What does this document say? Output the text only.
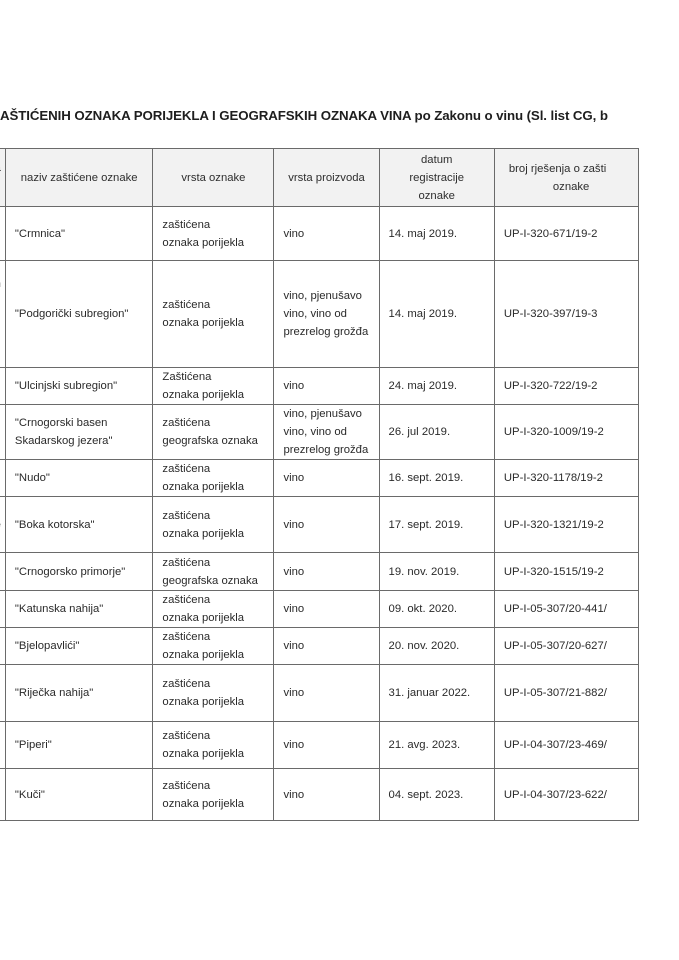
AŠTIĆENIH OZNAKA PORIJEKLA I GEOGRAFSKIH OZNAKA VINA po Zakonu o vinu (Sl. list CG, b
	naziv zaštićene oznake	vrsta oznake	vrsta proizvoda	datum
registracije
oznake	broj rješenja o zašti
oznake

	"Crmnica"	zaštićena
oznaka porijekla	vino	14. maj 2019.	UP-I-320-671/19-2
	"Podgorički subregion"	zaštićena
oznaka porijekla	vino, pjenušavo
vino, vino od
prezrelog grožđa	14. maj 2019.	UP-I-320-397/19-3
	"Ulcinjski subregion"	Zaštićena
oznaka porijekla	vino	24. maj 2019.	UP-I-320-722/19-2

	"Crnogorski basen
Skadarskog jezera"	zaštićena
geografska oznaka	vino, pjenušavo
vino, vino od
prezrelog grožđa	26. jul 2019.	UP-I-320-1009/19-2
	"Nudo"	zaštićena
oznaka porijekla	vino	16. sept. 2019.	UP-I-320-1178/19-2
	"Boka kotorska"	zaštićena
oznaka porijekla	vino	17. sept. 2019.	UP-I-320-1321/19-2
	"Crnogorsko primorje"	zaštićena
geografska oznaka	vino	19. nov. 2019.	UP-I-320-1515/19-2
	"Katunska nahija"	zaštićena
oznaka porijekla	vino	09. okt. 2020.	UP-I-05-307/20-441/
	"Bjelopavlići"	zaštićena
oznaka porijekla	vino	20. nov. 2020.	UP-I-05-307/20-627/
	"Riječka nahija"	zaštićena
oznaka porijekla	vino	31. januar 2022.	UP-I-05-307/21-882/
	"Piperi"	zaštićena
oznaka porijekla	vino	21. avg. 2023.	UP-I-04-307/23-469/
	"Kuči"	zaštićena
oznaka porijekla	vino	04. sept. 2023.	UP-I-04-307/23-622/
